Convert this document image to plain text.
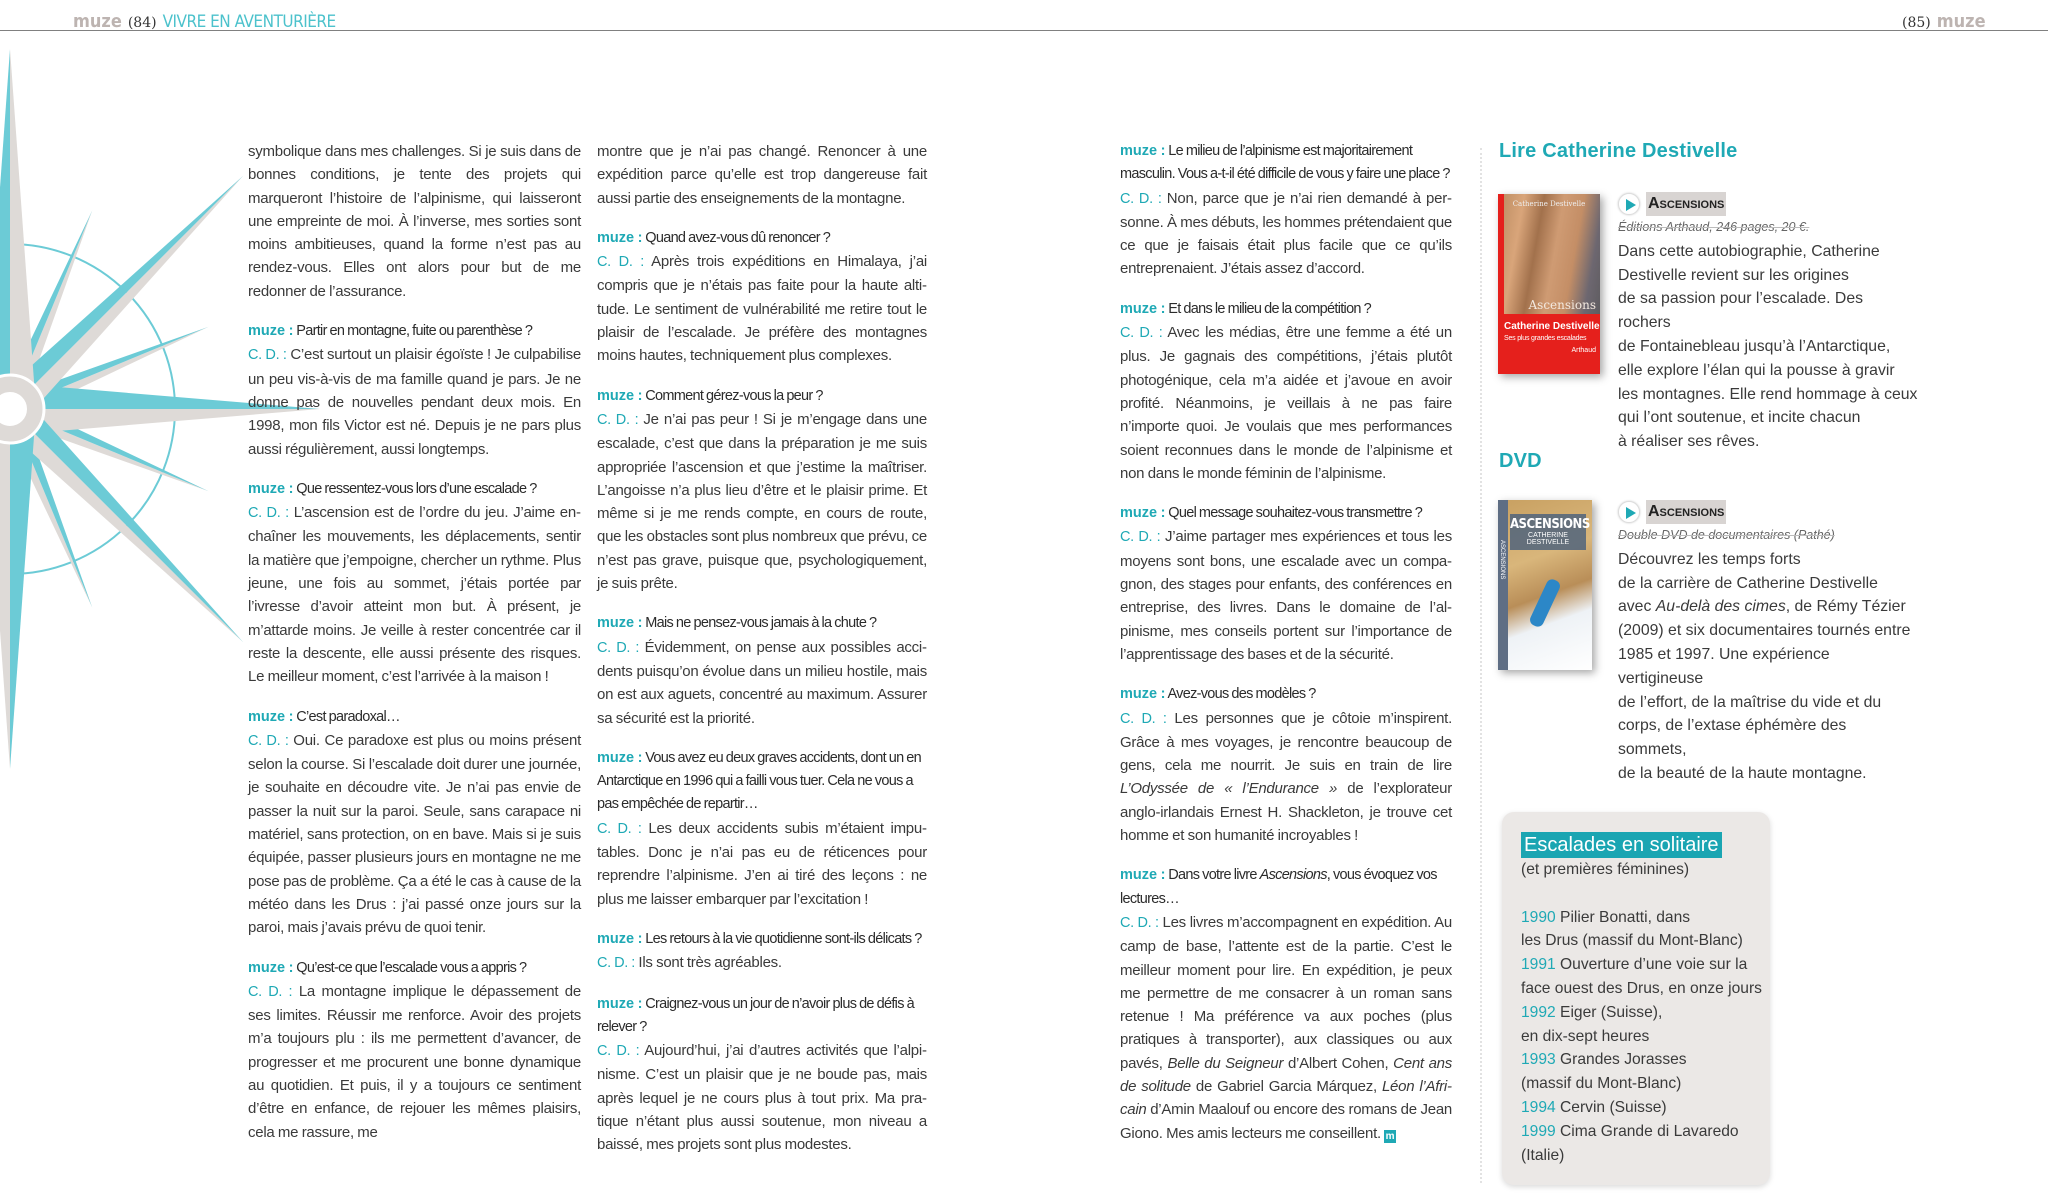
muze (84) VIVRE EN AVENTURIÈRE	(85) muze

symbolique dans mes challenges. Si je suis dans de bonnes conditions, je tente des projets qui marqueront l’histoire de l’alpinisme, qui laisseront une empreinte de moi. À l’inverse, mes sorties sont moins ambitieuses, quand la forme n’est pas au rendez-vous. Elles ont alors pour but de me redonner de l’assurance.

muze : Partir en montagne, fuite ou parenthèse ?

C. D. : C’est surtout un plaisir égoïste ! Je culpabilise un peu vis-à-vis de ma famille quand je pars. Je ne donne pas de nouvelles pendant deux mois. En 1998, mon fils Victor est né. Depuis je ne pars plus aussi régulièrement, aussi longtemps.

muze : Que ressentez-vous lors d’une escalade ?

C. D. : L’ascension est de l’ordre du jeu. J’aime enchaîner les mouvements, les déplacements, sentir la matière que j’empoigne, chercher un rythme. Plus jeune, une fois au sommet, j’étais portée par l’ivresse d’avoir atteint mon but. À présent, je m’attarde moins. Je veille à rester concentrée car il reste la descente, elle aussi présente des risques. Le meilleur moment, c’est l’arrivée à la maison !

muze : C’est paradoxal…

C. D. : Oui. Ce paradoxe est plus ou moins présent selon la course. Si l’escalade doit durer une journée, je souhaite en découdre vite. Je n’ai pas envie de passer la nuit sur la paroi. Seule, sans carapace ni matériel, sans protection, on en bave. Mais si je suis équipée, passer plusieurs jours en montagne ne me pose pas de problème. Ça a été le cas à cause de la météo dans les Drus : j’ai passé onze jours sur la paroi, mais j’avais prévu de quoi tenir.

muze : Qu’est-ce que l’escalade vous a appris ?

C. D. : La montagne implique le dépassement de ses limites. Réussir me renforce. Avoir des projets m’a toujours plu : ils me permettent d’avancer, de progresser et me procurent une bonne dynamique au quotidien. Et puis, il y a toujours ce sentiment d’être en enfance, de rejouer les mêmes plaisirs, cela me rassure, me

montre que je n’ai pas changé. Renoncer à une expédition parce qu’elle est trop dangereuse fait aussi partie des enseignements de la montagne.

muze : Quand avez-vous dû renoncer ?

C. D. : Après trois expéditions en Himalaya, j’ai compris que je n’étais pas faite pour la haute altitude. Le sentiment de vulnérabilité me retire tout le plaisir de l’escalade. Je préfère des montagnes moins hautes, techniquement plus complexes.

muze : Comment gérez-vous la peur ?

C. D. : Je n’ai pas peur ! Si je m’engage dans une escalade, c’est que dans la préparation je me suis appropriée l’ascension et que j’estime la maîtriser. L’angoisse n’a plus lieu d’être et le plaisir prime. Et même si je me rends compte, en cours de route, que les obstacles sont plus nombreux que prévu, ce n’est pas grave, puisque que, psychologiquement, je suis prête.

muze : Mais ne pensez-vous jamais à la chute ?

C. D. : Évidemment, on pense aux possibles accidents puisqu’on évolue dans un milieu hostile, mais on est aux aguets, concentré au maximum. Assurer sa sécurité est la priorité.

muze : Vous avez eu deux graves accidents, dont un en Antarctique en 1996 qui a failli vous tuer. Cela ne vous a pas empêchée de repartir…

C. D. : Les deux accidents subis m’étaient imputables. Donc je n’ai pas eu de réticences pour reprendre l’alpinisme. J’en ai tiré des leçons : ne plus me laisser embarquer par l’excitation !

muze : Les retours à la vie quotidienne sont-ils délicats ?

C. D. : Ils sont très agréables.

muze : Craignez-vous un jour de n’avoir plus de défis à relever ?

C. D. : Aujourd’hui, j’ai d’autres activités que l’alpinisme. C’est un plaisir que je ne boude pas, mais après lequel je ne cours plus à tout prix. Ma pratique n’étant plus aussi soutenue, mon niveau a baissé, mes projets sont plus modestes.

muze : Le milieu de l’alpinisme est majoritairement masculin. Vous a-t-il été difficile de vous y faire une place ?

C. D. : Non, parce que je n’ai rien demandé à personne. À mes débuts, les hommes prétendaient que ce que je faisais était plus facile que ce qu’ils entreprenaient. J’étais assez d’accord.

muze : Et dans le milieu de la compétition ?

C. D. : Avec les médias, être une femme a été un plus. Je gagnais des compétitions, j’étais plutôt photogénique, cela m’a aidée et j’avoue en avoir profité. Néanmoins, je veillais à ne pas faire n’importe quoi. Je voulais que mes performances soient reconnues dans le monde de l’alpinisme et non dans le monde féminin de l’alpinisme.

muze : Quel message souhaitez-vous transmettre ?

C. D. : J’aime partager mes expériences et tous les moyens sont bons, une escalade avec un compagnon, des stages pour enfants, des conférences en entreprise, des livres. Dans le domaine de l’alpinisme, mes conseils portent sur l’importance de l’apprentissage des bases et de la sécurité.

muze : Avez-vous des modèles ?

C. D. : Les personnes que je côtoie m’inspirent. Grâce à mes voyages, je rencontre beaucoup de gens, cela me nourrit. Je suis en train de lire L’Odyssée de « l’Endurance » de l’explorateur anglo-irlandais Ernest H. Shackleton, je trouve cet homme et son humanité incroyables !

muze : Dans votre livre Ascensions, vous évoquez vos lectures…

C. D. : Les livres m’accompagnent en expédition. Au camp de base, l’attente est de la partie. C’est le meilleur moment pour lire. En expédition, je peux me permettre de me consacrer à un roman sans retenue ! Ma préférence va aux poches (plus pratiques à transporter), aux classiques ou aux pavés, Belle du Seigneur d’Albert Cohen, Cent ans de solitude de Gabriel Garcia Márquez, Léon l’Africain d’Amin Maalouf ou encore des romans de Jean Giono. Mes amis lecteurs me conseillent. m

Lire Catherine Destivelle
Catherine Destivelle
Ascensions
Catherine Destivelle
Ses plus grandes escalades
Arthaud
Ascensions
Éditions Arthaud, 246 pages, 20 €.
Dans cette autobiographie, Catherine
Destivelle revient sur les origines
de sa passion pour l’escalade. Des rochers
de Fontainebleau jusqu’à l’Antarctique,
elle explore l’élan qui la pousse à gravir
les montagnes. Elle rend hommage à ceux
qui l’ont soutenue, et incite chacun
à réaliser ses rêves.
DVD
ASCENSIONS
ASCENSIONS
CATHERINE DESTIVELLE
Ascensions
Double DVD de documentaires (Pathé)
Découvrez les temps forts
de la carrière de Catherine Destivelle
avec Au-delà des cimes, de Rémy Tézier
(2009) et six documentaires tournés entre
1985 et 1997. Une expérience vertigineuse
de l’effort, de la maîtrise du vide et du
corps, de l’extase éphémère des sommets,
de la beauté de la haute montagne.
Escalades en solitaire
(et premières féminines)
1990 Pilier Bonatti, dans
les Drus (massif du Mont-Blanc)
1991 Ouverture d’une voie sur la
face ouest des Drus, en onze jours
1992 Eiger (Suisse),
en dix-sept heures
1993 Grandes Jorasses
(massif du Mont-Blanc)
1994 Cervin (Suisse)
1999 Cima Grande di Lavaredo
(Italie)
